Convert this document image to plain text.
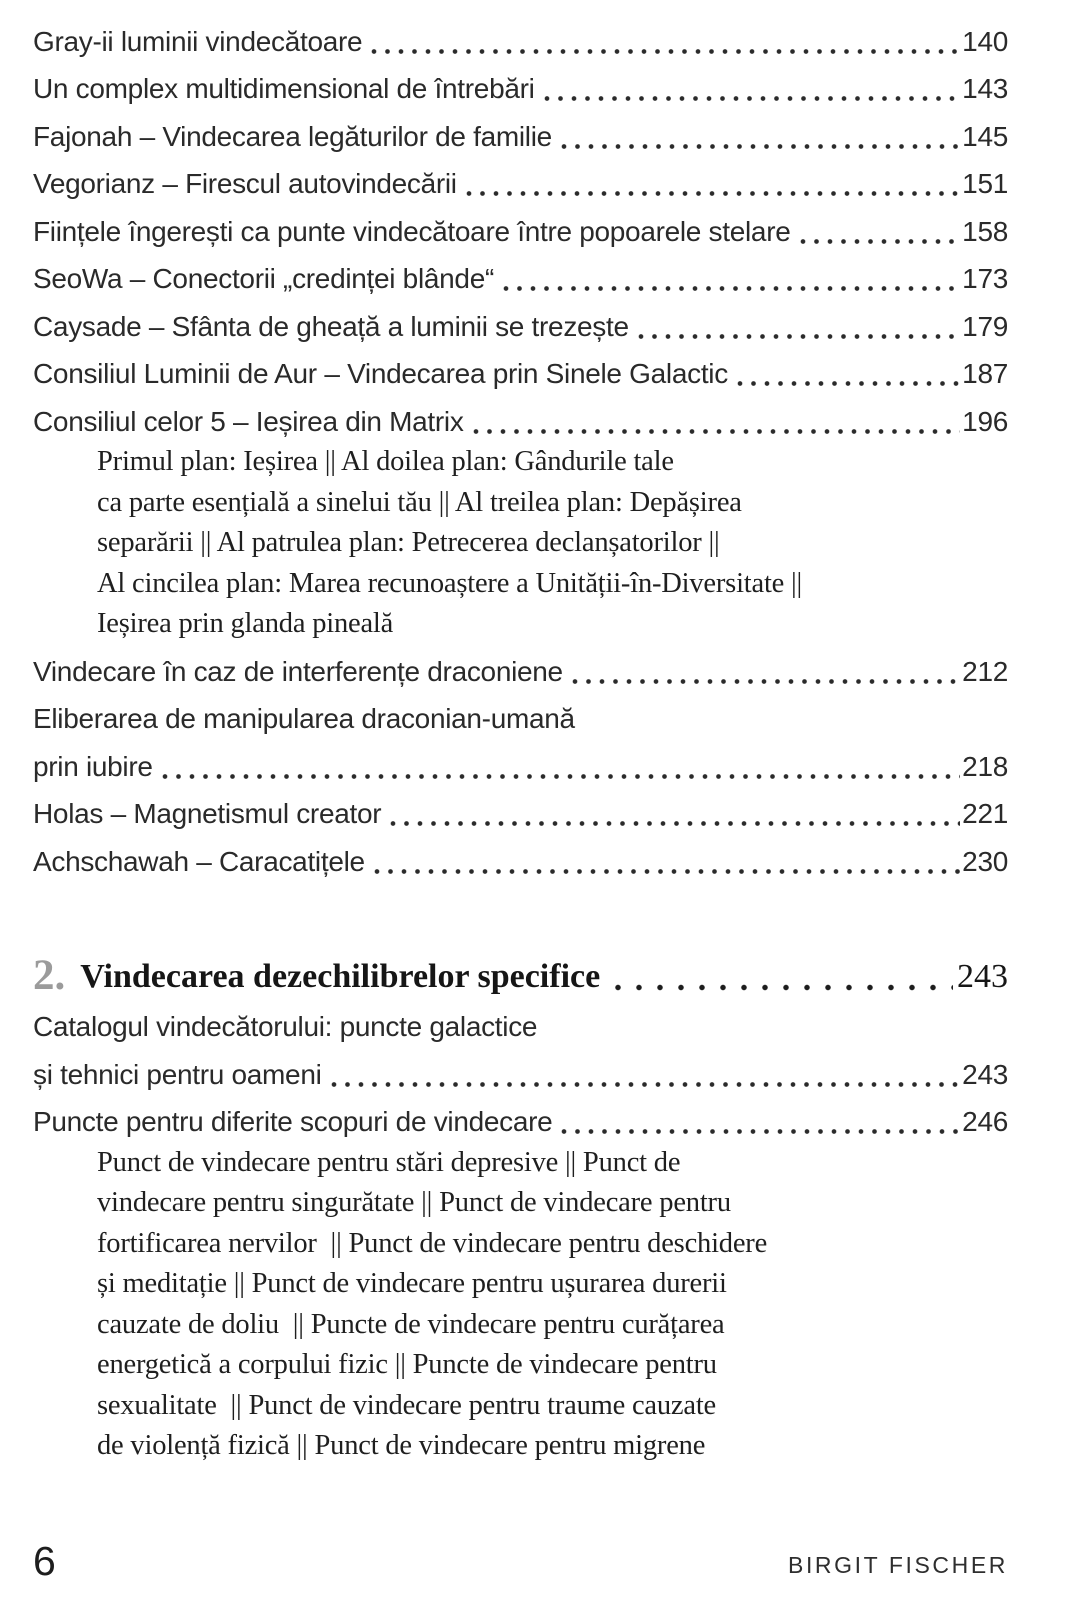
Gray-ii luminii vindecătoare	140
Un complex multidimensional de întrebări	143
Fajonah – Vindecarea legăturilor de familie	145
Vegorianz – Firescul autovindecării	151
Ființele îngerești ca punte vindecătoare între popoarele stelare	158
SeoWa – Conectorii „credinței blânde“	173
Caysade – Sfânta de gheață a luminii se trezește	179
Consiliul Luminii de Aur – Vindecarea prin Sinele Galactic	187
Consiliul celor 5 – Ieșirea din Matrix	196
Primul plan: Ieșirea || Al doilea plan: Gândurile tale
ca parte esențială a sinelui tău || Al treilea plan: Depășirea
separării || Al patrulea plan: Petrecerea declanșatorilor ||
Al cincilea plan: Marea recunoaștere a Unității-în-Diversitate ||
Ieșirea prin glanda pineală
Vindecare în caz de interferențe draconiene	212
Eliberarea de manipularea draconian-umană
prin iubire	218
Holas – Magnetismul creator	221
Achschawah – Caracatițele	230
2. Vindecarea dezechilibrelor specifice	243
Catalogul vindecătorului: puncte galactice
și tehnici pentru oameni	243
Puncte pentru diferite scopuri de vindecare	246
Punct de vindecare pentru stări depresive || Punct de
vindecare pentru singurătate || Punct de vindecare pentru
fortificarea nervilor  || Punct de vindecare pentru deschidere
și meditație || Punct de vindecare pentru ușurarea durerii
cauzate de doliu  || Puncte de vindecare pentru curățarea
energetică a corpului fizic || Puncte de vindecare pentru
sexualitate  || Punct de vindecare pentru traume cauzate
de violență fizică || Punct de vindecare pentru migrene
6	BIRGIT FISCHER
